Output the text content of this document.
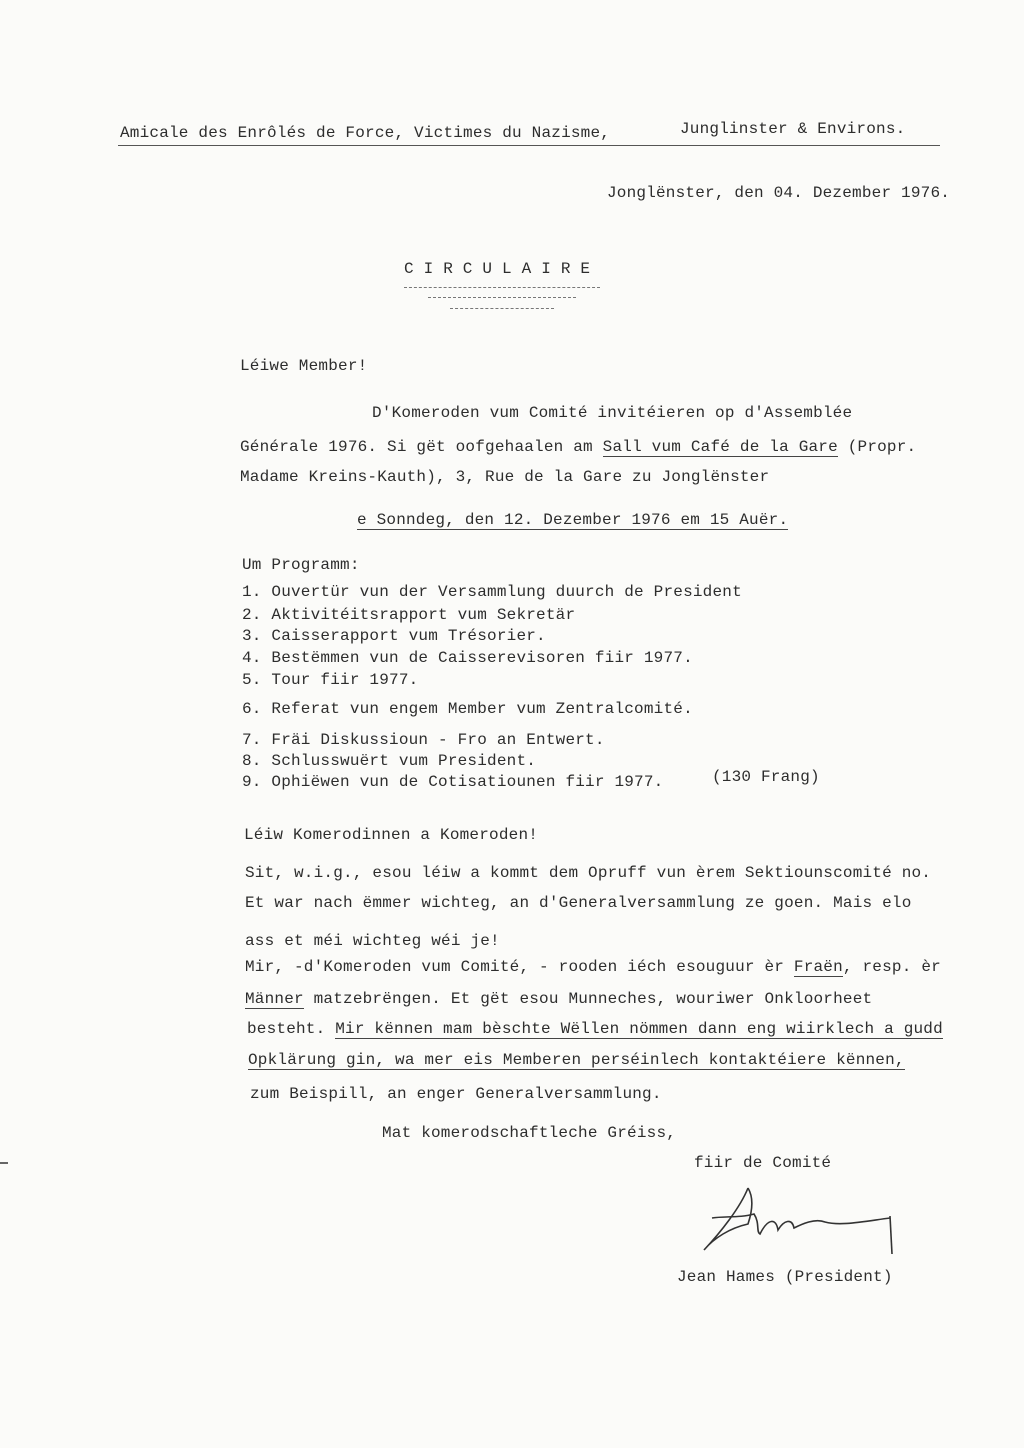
Amicale des Enrôlés de Force, Victimes du Nazisme,	Junglinster & Environs.
Jonglënster, den 04. Dezember 1976.
C I R C U L A I R E
Léiwe Member!
D'Komeroden vum Comité invitéieren op d'Assemblée
Générale 1976. Si gët oofgehaalen am Sall vum Café de la Gare (Propr.
Madame Kreins-Kauth), 3, Rue de la Gare zu Jonglënster
e Sonndeg, den 12. Dezember 1976 em 15 Auër.
Um Programm:
1. Ouvertür vun der Versammlung duurch de President
2. Aktivitéitsrapport vum Sekretär
3. Caisserapport vum Trésorier.
4. Bestëmmen vun de Caisserevisoren fiir 1977.
5. Tour fiir 1977.
6. Referat vun engem Member vum Zentralcomité.
7. Fräi Diskussioun - Fro an Entwert.
8. Schlusswuërt vum President.
9. Ophiëwen vun de Cotisatiounen fiir 1977.	(130 Frang)
Léiw Komerodinnen a Komeroden!
Sit, w.i.g., esou léiw a kommt dem Opruff vun èrem Sektiounscomité no.
Et war nach ëmmer wichteg, an d'Generalversammlung ze goen. Mais elo
ass et méi wichteg wéi je!
Mir, -d'Komeroden vum Comité, - rooden iéch esouguur èr Fraën, resp. èr
Männer matzebrëngen. Et gët esou Munneches, wouriwer Onkloorheet
besteht. Mir kënnen mam bèschte Wëllen nömmen dann eng wiirklech a gudd
Opklärung gin, wa mer eis Memberen perséinlech kontaktéiere kënnen,
zum Beispill, an enger Generalversammlung.
Mat komerodschaftleche Gréiss,
fiir de Comité
Jean Hames (President)
